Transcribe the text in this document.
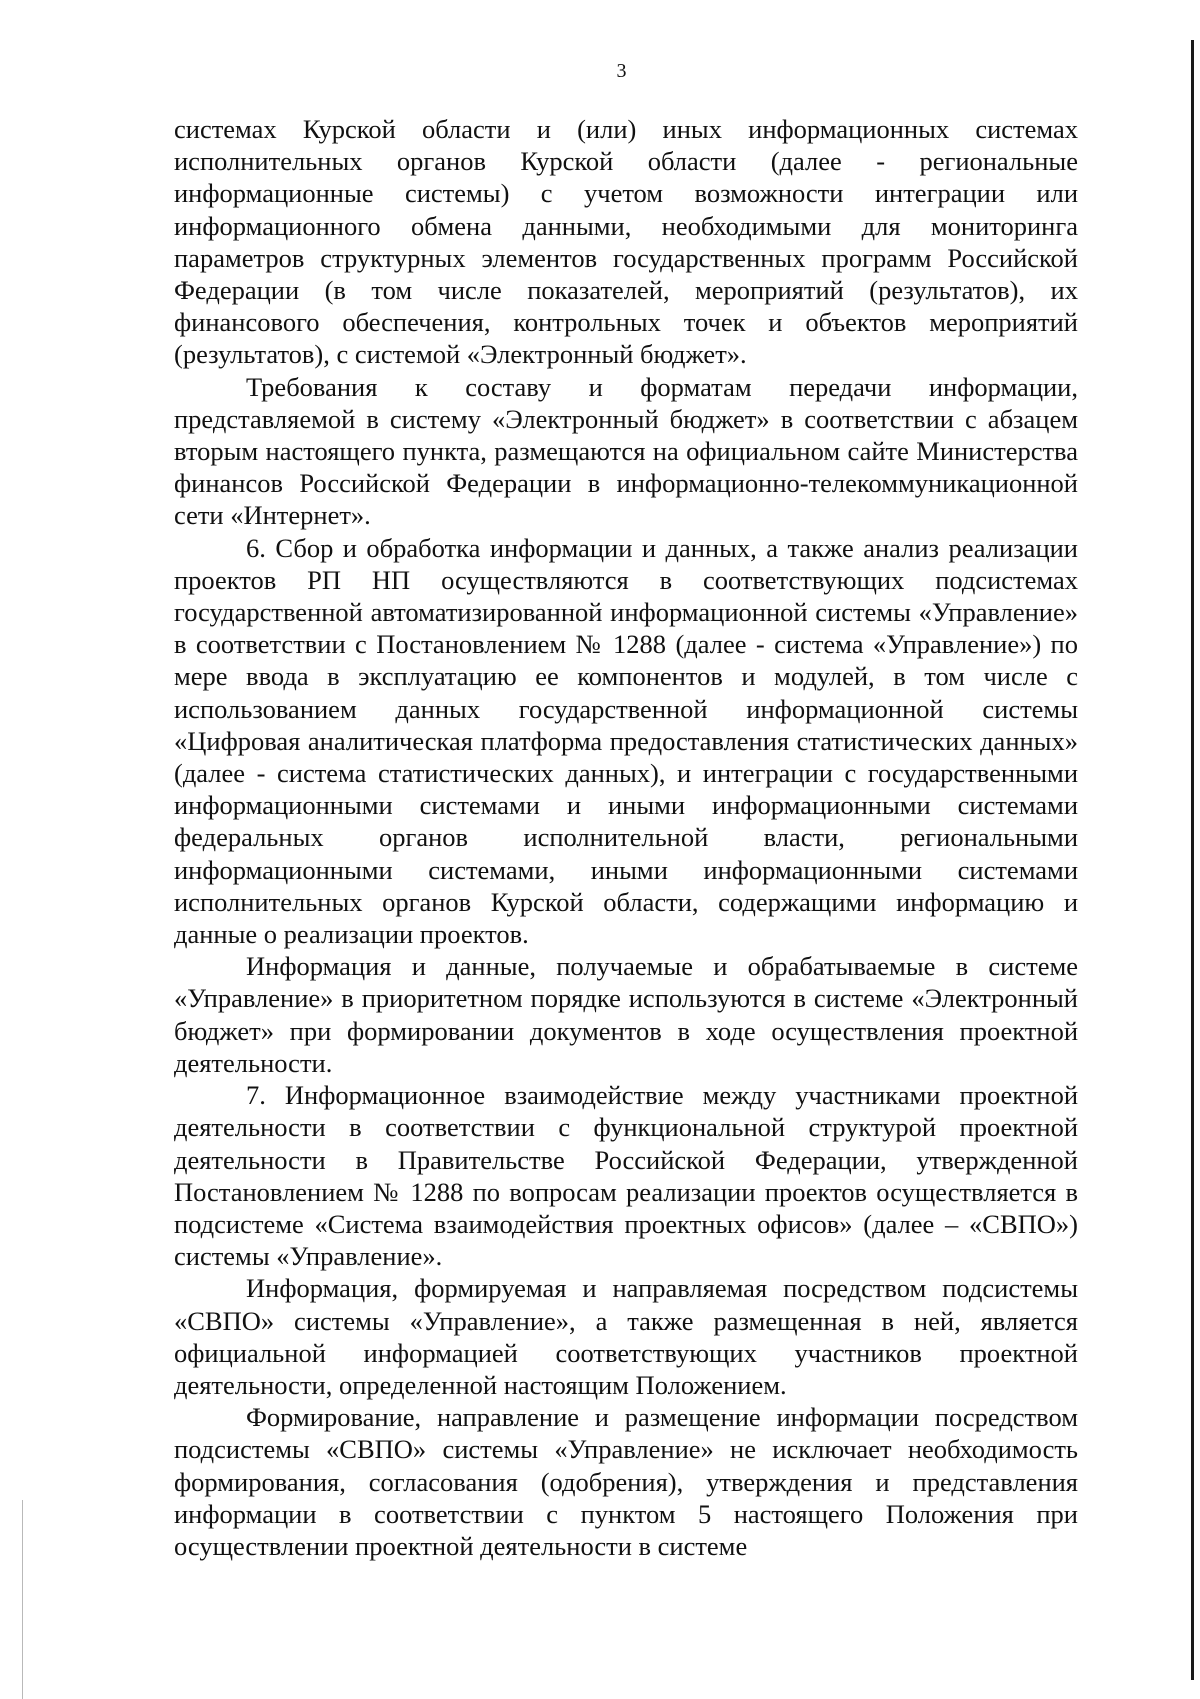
3

системах Курской области и (или) иных информационных системах исполнительных органов Курской области (далее - региональные информационные системы) с учетом возможности интеграции или информационного обмена данными, необходимыми для мониторинга параметров структурных элементов государственных программ Российской Федерации (в том числе показателей, мероприятий (результатов), их финансового обеспечения, контрольных точек и объектов мероприятий (результатов), с системой «Электронный бюджет».

Требования к составу и форматам передачи информации, представляемой в систему «Электронный бюджет» в соответствии с абзацем вторым настоящего пункта, размещаются на официальном сайте Министерства финансов Российской Федерации в информационно-телекоммуникационной сети «Интернет».

6. Сбор и обработка информации и данных, а также анализ реализации проектов РП НП осуществляются в соответствующих подсистемах государственной автоматизированной информационной системы «Управление» в соответствии с Постановлением № 1288 (далее - система «Управление») по мере ввода в эксплуатацию ее компонентов и модулей, в том числе с использованием данных государственной информационной системы «Цифровая аналитическая платформа предоставления статистических данных» (далее - система статистических данных), и интеграции с государственными информационными системами и иными информационными системами федеральных органов исполнительной власти, региональными информационными системами, иными информационными системами исполнительных органов Курской области, содержащими информацию и данные о реализации проектов.

Информация и данные, получаемые и обрабатываемые в системе «Управление» в приоритетном порядке используются в системе «Электронный бюджет» при формировании документов в ходе осуществления проектной деятельности.

7. Информационное взаимодействие между участниками проектной деятельности в соответствии с функциональной структурой проектной деятельности в Правительстве Российской Федерации, утвержденной Постановлением № 1288 по вопросам реализации проектов осуществляется в подсистеме «Система взаимодействия проектных офисов» (далее – «СВПО») системы «Управление».

Информация, формируемая и направляемая посредством подсистемы «СВПО» системы «Управление», а также размещенная в ней, является официальной информацией соответствующих участников проектной деятельности, определенной настоящим Положением.

Формирование, направление и размещение информации посредством подсистемы «СВПО» системы «Управление» не исключает необходимость формирования, согласования (одобрения), утверждения и представления информации в соответствии с пунктом 5 настоящего Положения при осуществлении проектной деятельности в системе
